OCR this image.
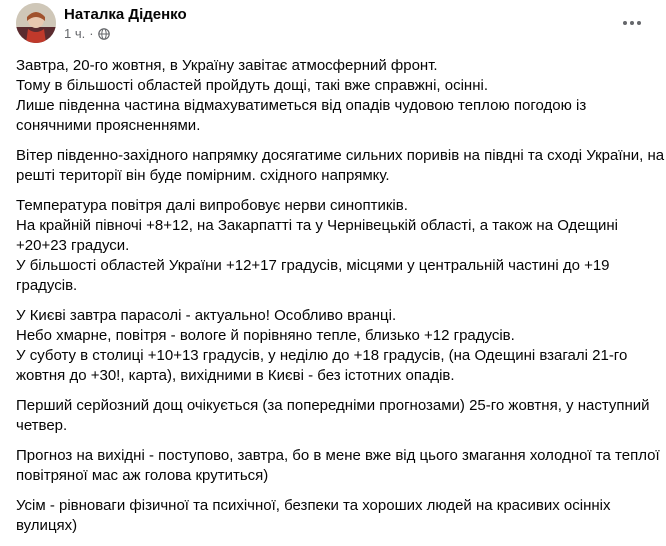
Наталка Діденко
1 ч. ·

Завтра, 20-го жовтня, в Україну завітає атмосферний фронт.
Тому в більшості областей пройдуть дощі, такі вже справжні, осінні.
Лише південна частина відмахуватиметься від опадів чудовою теплою погодою із
сонячними проясненнями.

Вітер південно-західного напрямку досягатиме сильних поривів на півдні та сході України, на
решті території він буде помірним. східного напрямку.

Температура повітря далі випробовує нерви синоптиків.
На крайній півночі +8+12, на Закарпатті та у Чернівецькій області, а також на Одещині
+20+23 градуси.
У більшості областей України +12+17 градусів, місцями у центральній частині до +19
градусів.

У Києві завтра парасолі - актуально! Особливо вранці.
Небо хмарне, повітря - вологе й порівняно тепле, близько +12 градусів.
У суботу в столиці +10+13 градусів, у неділю до +18 градусів, (на Одещині взагалі 21-го
жовтня до +30!, карта), вихідними в Києві - без істотних опадів.

Перший серйозний дощ очікується (за попередніми прогнозами) 25-го жовтня, у наступний
четвер.

Прогноз на вихідні - поступово, завтра, бо в мене вже від цього змагання холодної та теплої
повітряної мас аж голова крутиться)

Усім - рівноваги фізичної та психічної, безпеки та хороших людей на красивих осінніх
вулицях)
